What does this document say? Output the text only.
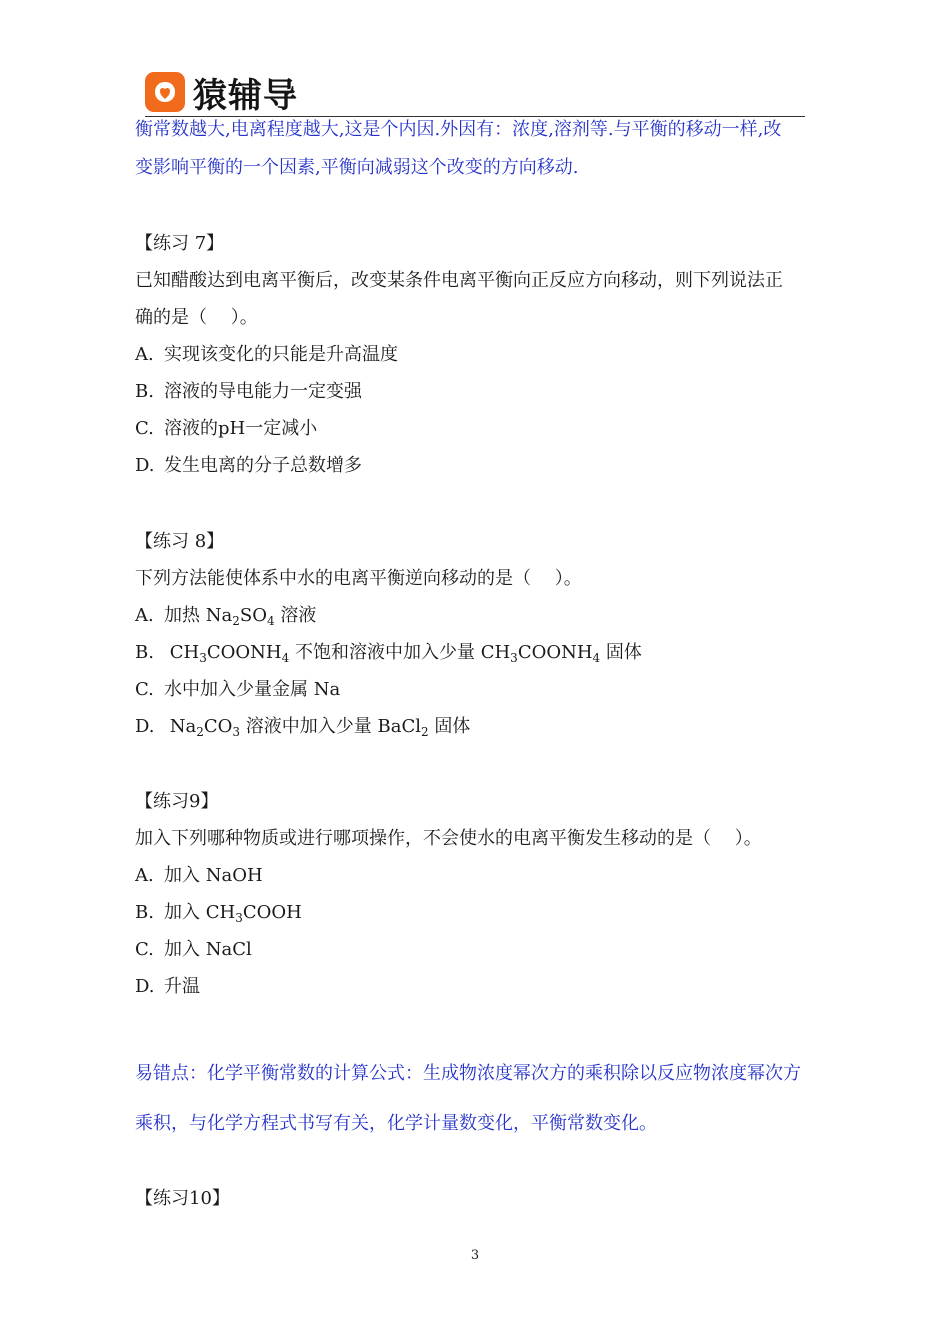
猿辅导
衡常数越大,电离程度越大,这是个内因.外因有：浓度,溶剂等.与平衡的移动一样,改
变影响平衡的一个因素,平衡向减弱这个改变的方向移动.
【练习 7】
已知醋酸达到电离平衡后，改变某条件电离平衡向正反应方向移动，则下列说法正
确的是（　 ）。
A. 实现该变化的只能是升高温度
B. 溶液的导电能力一定变强
C. 溶液的pH一定减小
D. 发生电离的分子总数增多
【练习 8】
下列方法能使体系中水的电离平衡逆向移动的是（　 ）。
A. 加热 $Na_2SO_4$ 溶液
B. $CH_3COONH_4$ 不饱和溶液中加入少量 $CH_3COONH_4$ 固体
C. 水中加入少量金属 Na
D. $Na_2CO_3$ 溶液中加入少量 BaCl$_2$ 固体
【练习9】
加入下列哪种物质或进行哪项操作，不会使水的电离平衡发生移动的是（　 ）。
A. 加入 NaOH
B. 加入 $CH_3COOH$
C. 加入 NaCl
D. 升温
易错点：化学平衡常数的计算公式：生成物浓度幂次方的乘积除以反应物浓度幂次方
乘积，与化学方程式书写有关，化学计量数变化，平衡常数变化。
【练习10】
3
